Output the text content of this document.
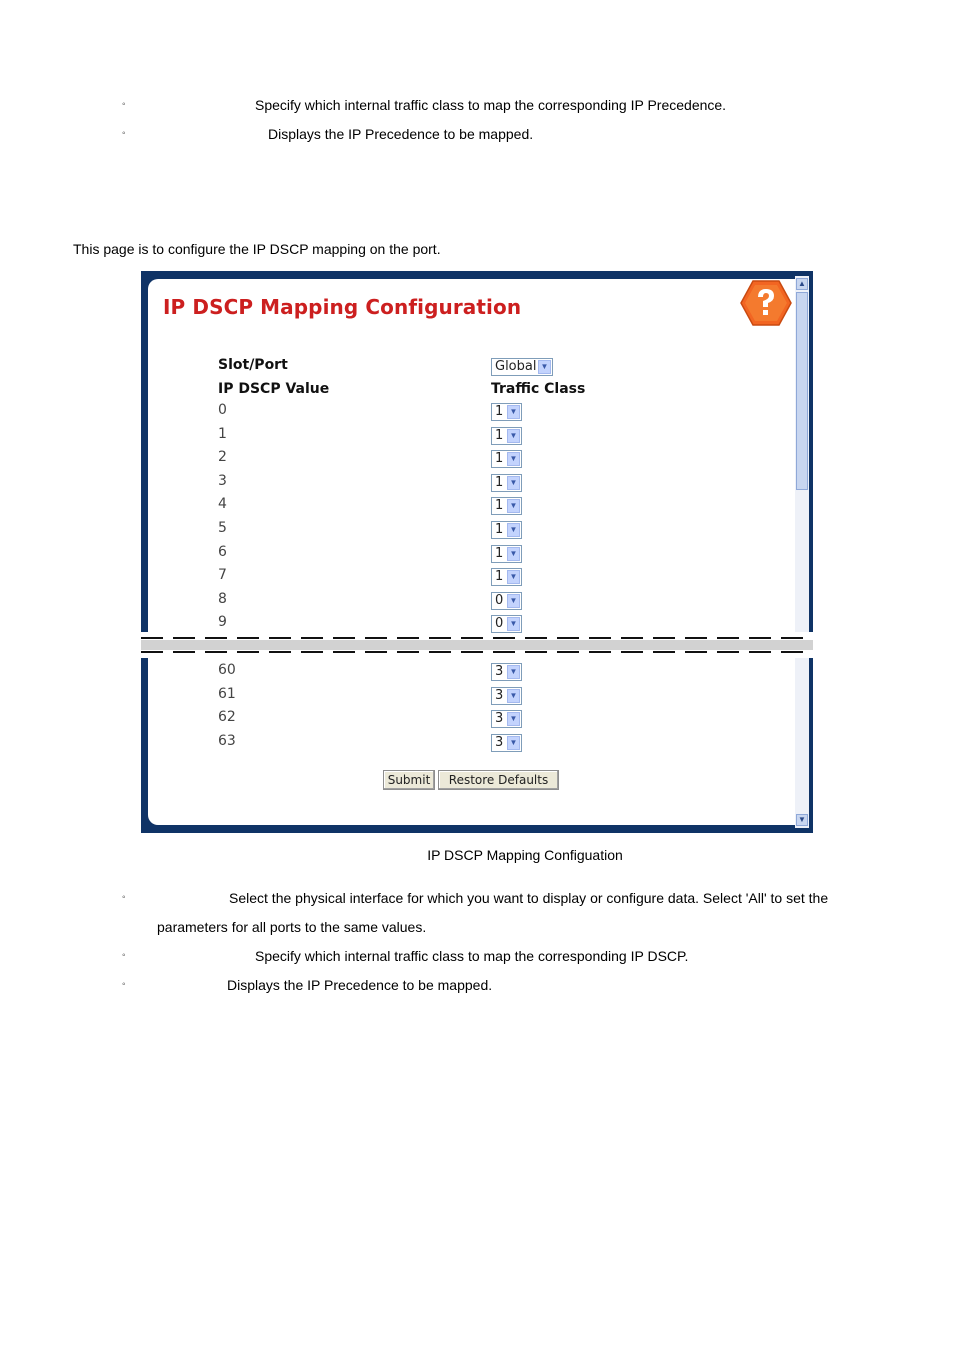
◦	Specify which internal traffic class to map the corresponding IP Precedence.
◦	Displays the IP Precedence to be mapped.
This page is to configure the IP DSCP mapping on the port.
▲
▼
IP DSCP Mapping Configuration
Slot/Port	Global ▼
IP DSCP Value	Traffic Class
0	1 ▼
1	1 ▼
2	1 ▼
3	1 ▼
4	1 ▼
5	1 ▼
6	1 ▼
7	1 ▼
8	0 ▼
9	0 ▼
60	3 ▼
61	3 ▼
62	3 ▼
63	3 ▼
Submit	Restore Defaults
IP DSCP Mapping Configuation
◦	Select the physical interface for which you want to display or configure data. Select 'All' to set the
parameters for all ports to the same values.
◦	Specify which internal traffic class to map the corresponding IP DSCP.
◦	Displays the IP Precedence to be mapped.
